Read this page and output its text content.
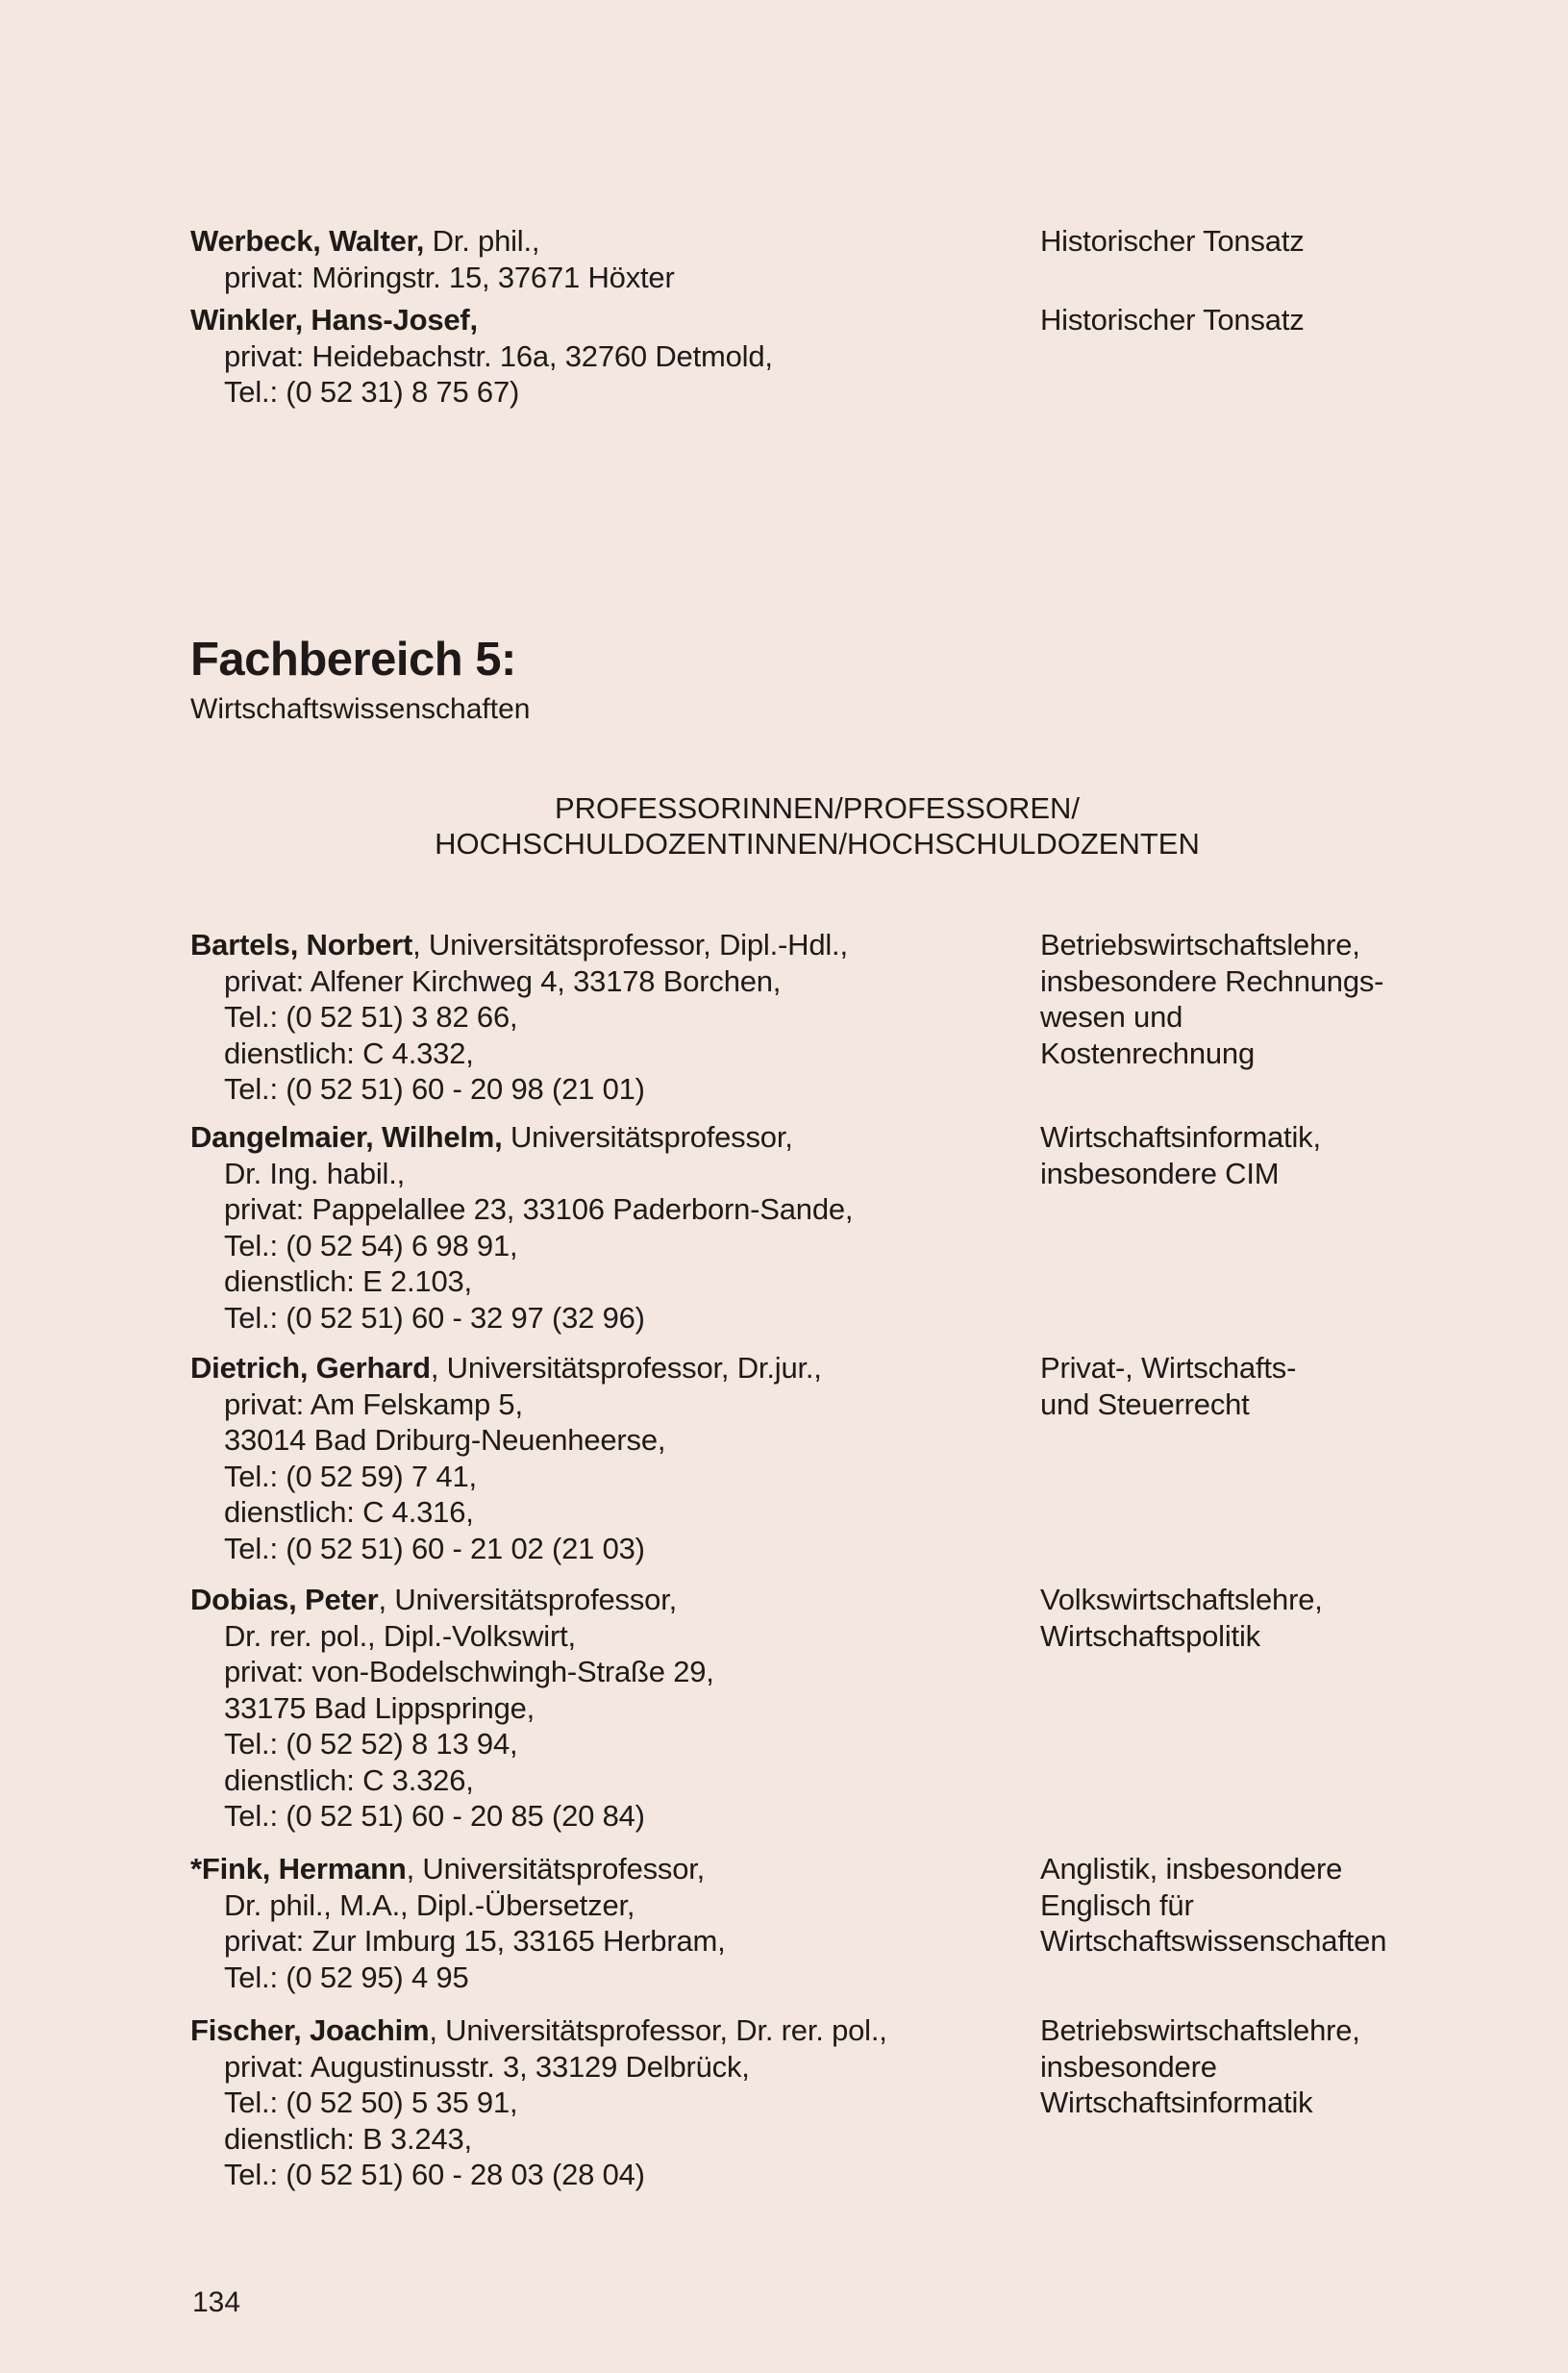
Werbeck, Walter, Dr. phil.,
privat: Möringstr. 15, 37671 Höxter
Historischer Tonsatz
Winkler, Hans-Josef,
privat: Heidebachstr. 16a, 32760 Detmold,
Tel.: (0 52 31) 8 75 67)
Historischer Tonsatz
Fachbereich 5:
Wirtschaftswissenschaften
PROFESSORINNEN/PROFESSOREN/
HOCHSCHULDOZENTINNEN/HOCHSCHULDOZENTEN
Bartels, Norbert, Universitätsprofessor, Dipl.-Hdl.,
privat: Alfener Kirchweg 4, 33178 Borchen,
Tel.: (0 52 51) 3 82 66,
dienstlich: C 4.332,
Tel.: (0 52 51) 60 - 20 98 (21 01)
Betriebswirtschaftslehre,
insbesondere Rechnungs-
wesen und
Kostenrechnung
Dangelmaier, Wilhelm, Universitätsprofessor,
Dr. Ing. habil.,
privat: Pappelallee 23, 33106 Paderborn-Sande,
Tel.: (0 52 54) 6 98 91,
dienstlich: E 2.103,
Tel.: (0 52 51) 60 - 32 97 (32 96)
Wirtschaftsinformatik,
insbesondere CIM
Dietrich, Gerhard, Universitätsprofessor, Dr.jur.,
privat: Am Felskamp 5,
33014 Bad Driburg-Neuenheerse,
Tel.: (0 52 59) 7 41,
dienstlich: C 4.316,
Tel.: (0 52 51) 60 - 21 02 (21 03)
Privat-, Wirtschafts-
und Steuerrecht
Dobias, Peter, Universitätsprofessor,
Dr. rer. pol., Dipl.-Volkswirt,
privat: von-Bodelschwingh-Straße 29,
33175 Bad Lippspringe,
Tel.: (0 52 52) 8 13 94,
dienstlich: C 3.326,
Tel.: (0 52 51) 60 - 20 85 (20 84)
Volkswirtschaftslehre,
Wirtschaftspolitik
*Fink, Hermann, Universitätsprofessor,
Dr. phil., M.A., Dipl.-Übersetzer,
privat: Zur Imburg 15, 33165 Herbram,
Tel.: (0 52 95) 4 95
Anglistik, insbesondere
Englisch für
Wirtschaftswissenschaften
Fischer, Joachim, Universitätsprofessor, Dr. rer. pol.,
privat: Augustinusstr. 3, 33129 Delbrück,
Tel.: (0 52 50) 5 35 91,
dienstlich: B 3.243,
Tel.: (0 52 51) 60 - 28 03 (28 04)
Betriebswirtschaftslehre,
insbesondere
Wirtschaftsinformatik
134
